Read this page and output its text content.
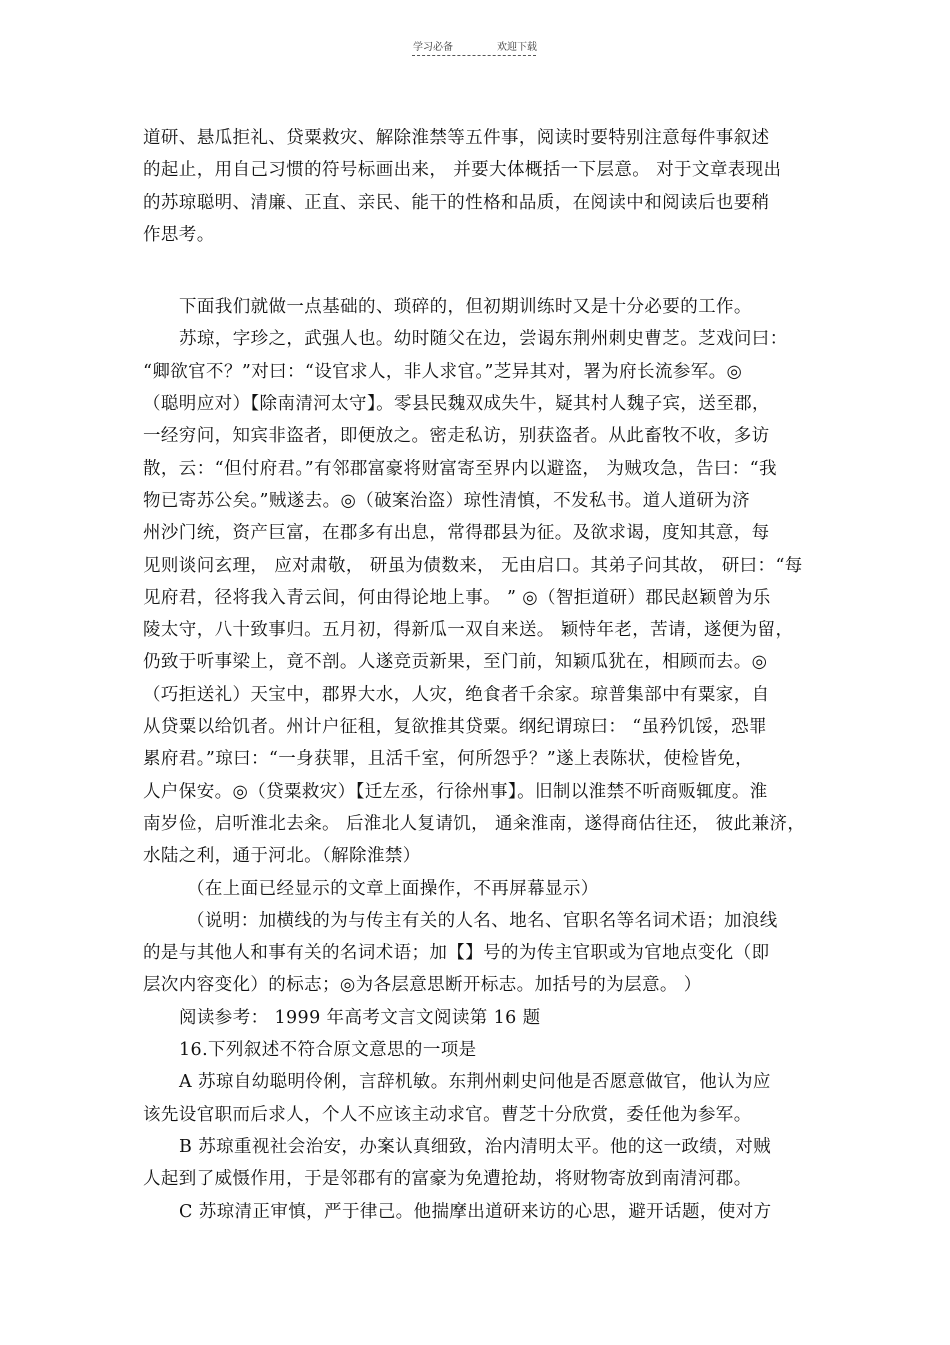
学习必备	欢迎下载
道研、悬瓜拒礼、贷粟救灾、解除淮禁等五件事，阅读时要特别注意每件事叙述
的起止，用自己习惯的符号标画出来， 并要大体概括一下层意。 对于文章表现出
的苏琼聪明、清廉、正直、亲民、能干的性格和品质，在阅读中和阅读后也要稍
作思考。
下面我们就做一点基础的、琐碎的，但初期训练时又是十分必要的工作。
苏琼，字珍之，武强人也。幼时随父在边，尝谒东荆州刺史曹芝。芝戏问曰：
“卿欲官不？”对曰：“设官求人，非人求官。”芝异其对，署为府长流参军。◎
（聪明应对）【除南清河太守】。零县民魏双成失牛，疑其村人魏子宾，送至郡，
一经穷问，知宾非盗者，即便放之。密走私访，别获盗者。从此畜牧不收，多访
散，云：“但付府君。”有邻郡富豪将财富寄至界内以避盗， 为贼攻急，告曰：“我
物已寄苏公矣。”贼遂去。◎（破案治盗）琼性清慎，不发私书。道人道研为济
州沙门统，资产巨富，在郡多有出息，常得郡县为征。及欲求谒，度知其意，每
见则谈问玄理， 应对肃敬， 研虽为债数来， 无由启口。其弟子问其故， 研曰：“每
见府君，径将我入青云间，何由得论地上事。 ” ◎（智拒道研）郡民赵颖曾为乐
陵太守，八十致事归。五月初，得新瓜一双自来送。 颖恃年老，苦请，遂便为留，
仍致于听事梁上，竟不剖。人遂竞贡新果，至门前，知颖瓜犹在，相顾而去。◎
（巧拒送礼）天宝中，郡界大水，人灾，绝食者千余家。琼普集部中有粟家，自
从贷粟以给饥者。州计户征租，复欲推其贷粟。纲纪谓琼曰： “虽矜饥馁，恐罪
累府君。”琼曰：“一身获罪，且活千室，何所怨乎？”遂上表陈状，使检皆免，
人户保安。◎（贷粟救灾）【迁左丞，行徐州事】。旧制以淮禁不听商贩辄度。淮
南岁俭，启听淮北去籴。 后淮北人复请饥， 通籴淮南，遂得商估往还， 彼此兼济，
水陆之利，通于河北。（解除淮禁）
（在上面已经显示的文章上面操作，不再屏幕显示）
（说明：加横线的为与传主有关的人名、地名、官职名等名词术语；加浪线
的是与其他人和事有关的名词术语；加【】号的为传主官职或为官地点变化（即
层次内容变化）的标志；◎为各层意思断开标志。加括号的为层意。 ）
阅读参考： 1999 年高考文言文阅读第 16 题
16.下列叙述不符合原文意思的一项是
A 苏琼自幼聪明伶俐，言辞机敏。东荆州刺史问他是否愿意做官，他认为应
该先设官职而后求人，个人不应该主动求官。曹芝十分欣赏，委任他为参军。
B 苏琼重视社会治安，办案认真细致，治内清明太平。他的这一政绩，对贼
人起到了威慑作用，于是邻郡有的富豪为免遭抢劫，将财物寄放到南清河郡。
C 苏琼清正审慎，严于律己。他揣摩出道研来访的心思，避开话题，使对方
